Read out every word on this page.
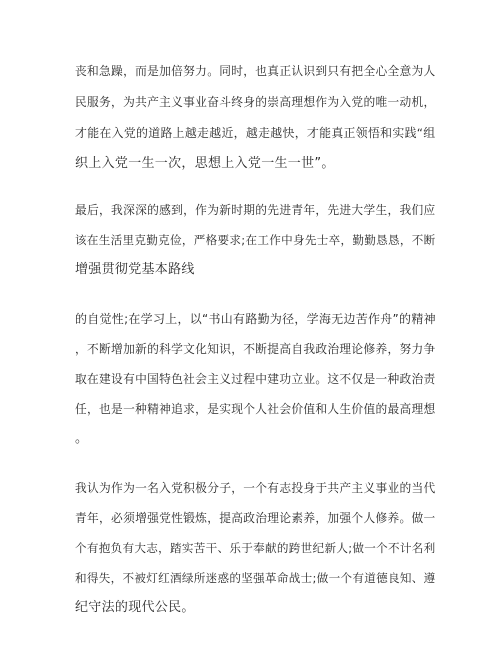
丧和急躁，而是加倍努力。同时，也真正认识到只有把全心全意为人
民服务，为共产主义事业奋斗终身的崇高理想作为入党的唯一动机，
才能在入党的道路上越走越近，越走越快，才能真正领悟和实践“组
织上入党一生一次，思想上入党一生一世”。
最后，我深深的感到，作为新时期的先进青年，先进大学生，我们应
该在生活里克勤克俭，严格要求;在工作中身先士卒，勤勤恳恳，不断
增强贯彻党基本路线
的自觉性;在学习上，以“书山有路勤为径，学海无边苦作舟”的精神
，不断增加新的科学文化知识，不断提高自我政治理论修养，努力争
取在建设有中国特色社会主义过程中建功立业。这不仅是一种政治责
任，也是一种精神追求，是实现个人社会价值和人生价值的最高理想
。
我认为作为一名入党积极分子，一个有志投身于共产主义事业的当代
青年，必须增强党性锻炼，提高政治理论素养，加强个人修养。做一
个有抱负有大志，踏实苦干、乐于奉献的跨世纪新人;做一个不计名利
和得失，不被灯红酒绿所迷惑的坚强革命战士;做一个有道德良知、遵
纪守法的现代公民。
